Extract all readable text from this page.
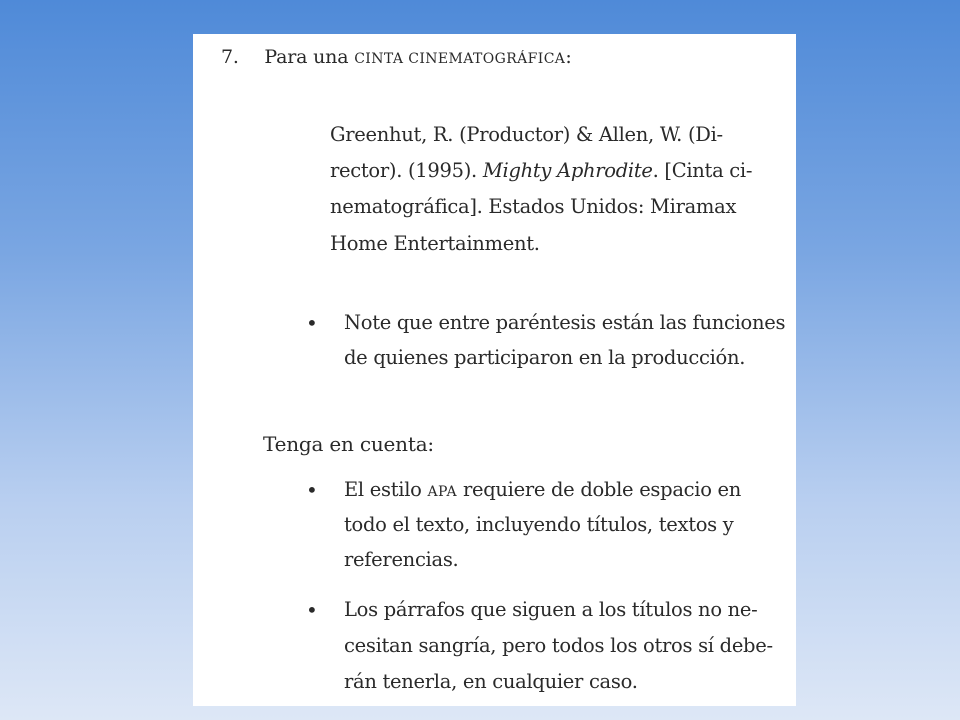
7. Para una CINTA CINEMATOGRÁFICA:
Greenhut, R. (Productor) & Allen, W. (Di-
rector). (1995). Mighty Aphrodite. [Cinta ci-
nematográfica]. Estados Unidos: Miramax
Home Entertainment.
• Note que entre paréntesis están las funciones
de quienes participaron en la producción.
Tenga en cuenta:
• El estilo APA requiere de doble espacio en
todo el texto, incluyendo títulos, textos y
referencias.
• Los párrafos que siguen a los títulos no ne-
cesitan sangría, pero todos los otros sí debe-
rán tenerla, en cualquier caso.
